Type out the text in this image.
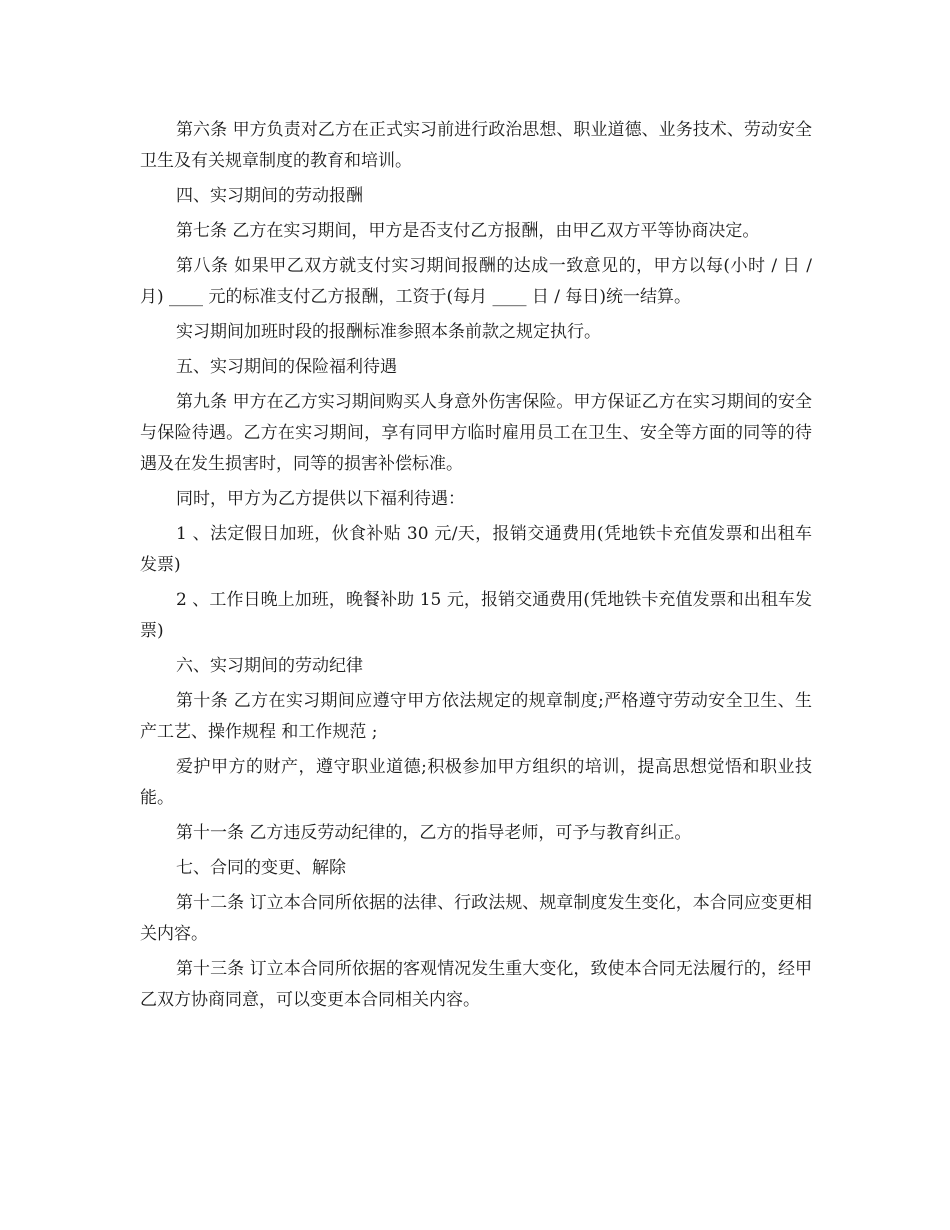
第六条 甲方负责对乙方在正式实习前进行政治思想、职业道德、业务技术、劳动安全卫生及有关规章制度的教育和培训。

四、实习期间的劳动报酬

第七条 乙方在实习期间，甲方是否支付乙方报酬，由甲乙双方平等协商决定。

第八条 如果甲乙双方就支付实习期间报酬的达成一致意见的，甲方以每(小时 / 日 / 月) ____ 元的标准支付乙方报酬，工资于(每月 ____ 日 / 每日)统一结算。

实习期间加班时段的报酬标准参照本条前款之规定执行。

五、实习期间的保险福利待遇

第九条 甲方在乙方实习期间购买人身意外伤害保险。甲方保证乙方在实习期间的安全与保险待遇。乙方在实习期间，享有同甲方临时雇用员工在卫生、安全等方面的同等的待遇及在发生损害时，同等的损害补偿标准。

同时，甲方为乙方提供以下福利待遇：

1 、法定假日加班，伙食补贴 30 元/天，报销交通费用(凭地铁卡充值发票和出租车发票)

2 、工作日晚上加班，晚餐补助 15 元，报销交通费用(凭地铁卡充值发票和出租车发票)

六、实习期间的劳动纪律

第十条 乙方在实习期间应遵守甲方依法规定的规章制度;严格遵守劳动安全卫生、生产工艺、操作规程 和工作规范 ;

爱护甲方的财产，遵守职业道德;积极参加甲方组织的培训，提高思想觉悟和职业技能。

第十一条 乙方违反劳动纪律的，乙方的指导老师，可予与教育纠正。

七、合同的变更、解除

第十二条 订立本合同所依据的法律、行政法规、规章制度发生变化，本合同应变更相关内容。

第十三条 订立本合同所依据的客观情况发生重大变化，致使本合同无法履行的，经甲乙双方协商同意，可以变更本合同相关内容。
